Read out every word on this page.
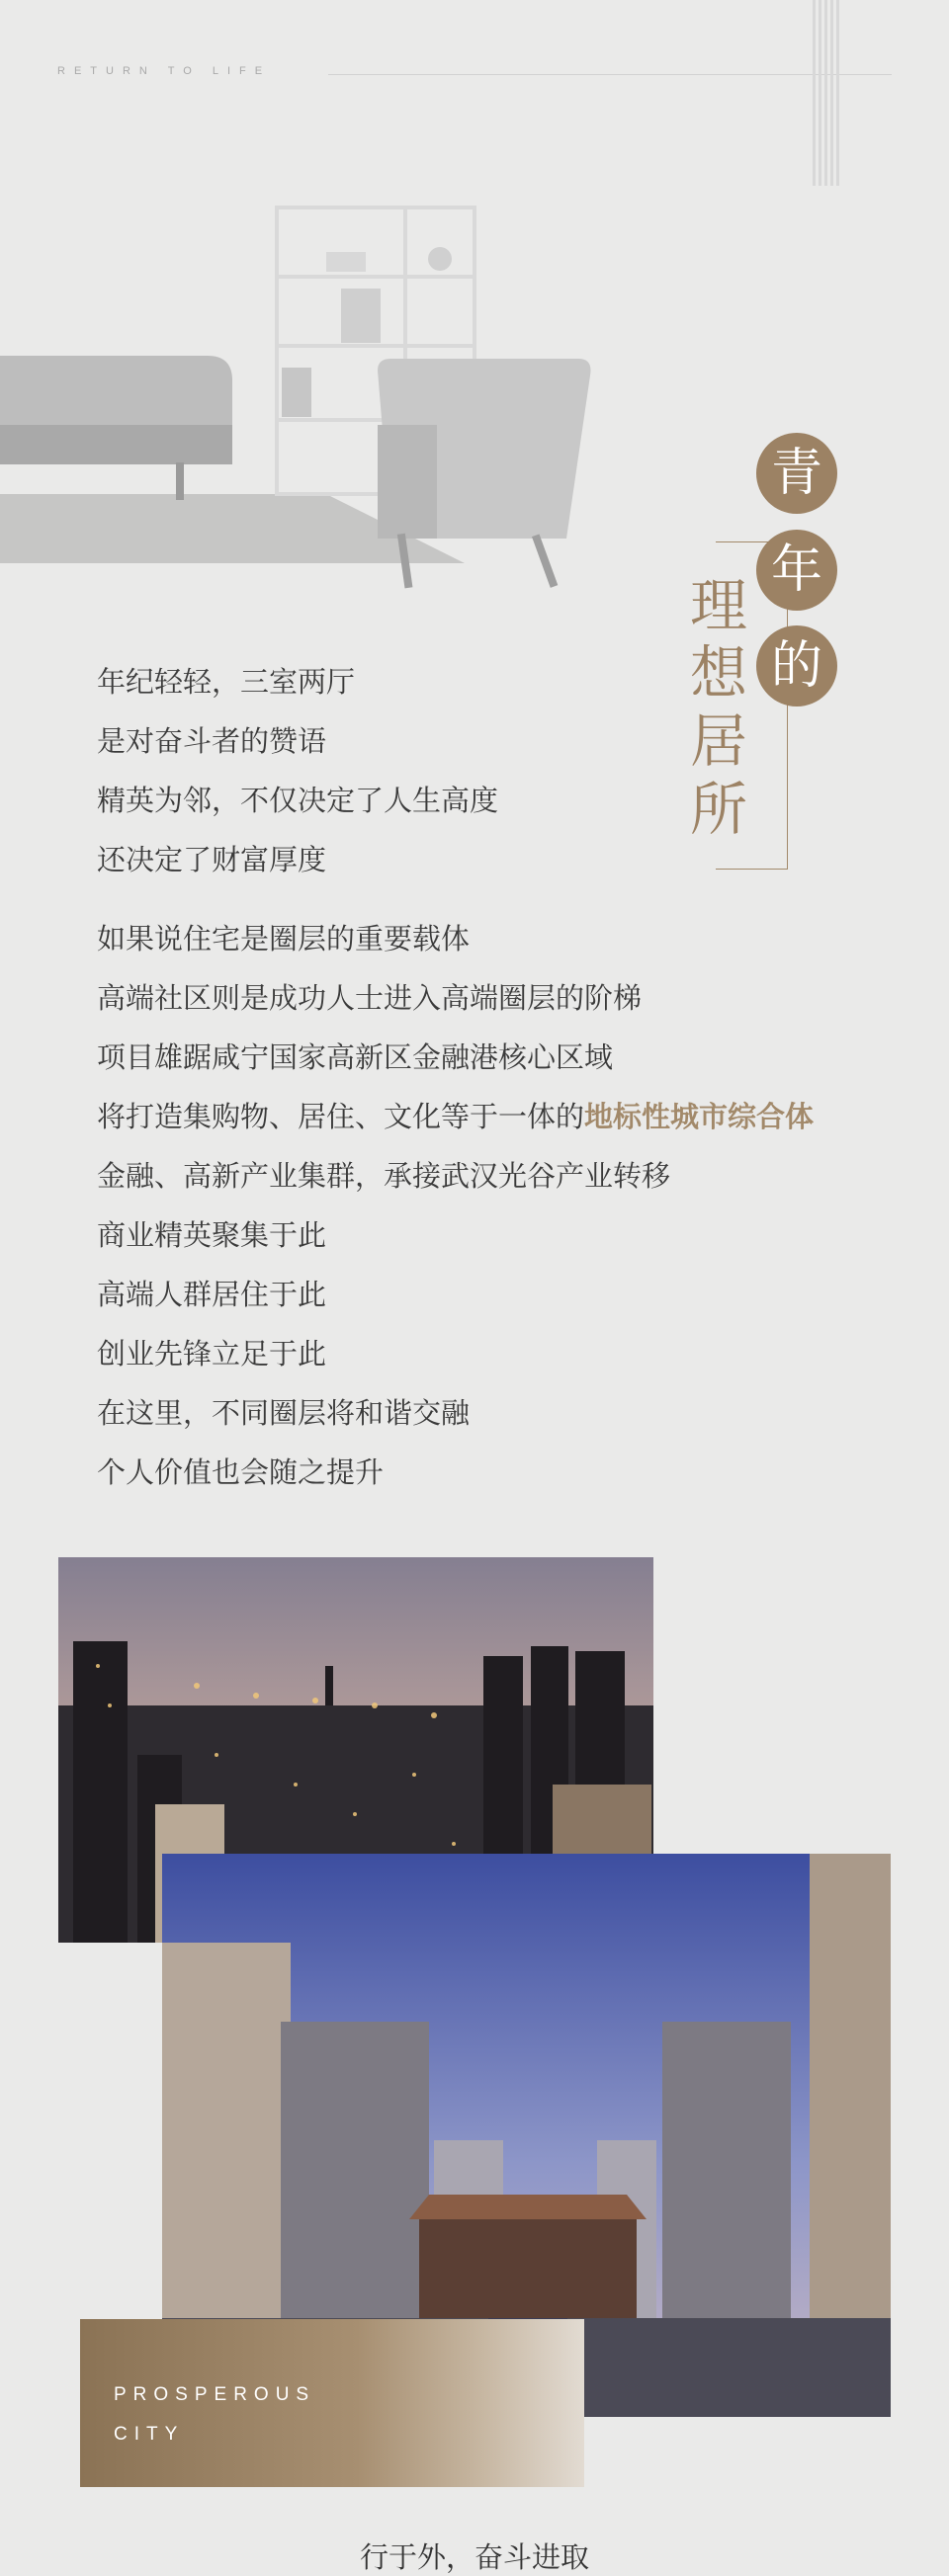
RETURN TO LIFE
青
年
的
理
想
居
所
年纪轻轻，三室两厅
是对奋斗者的赞语
精英为邻，不仅决定了人生高度
还决定了财富厚度
如果说住宅是圈层的重要载体
高端社区则是成功人士进入高端圈层的阶梯
项目雄踞咸宁国家高新区金融港核心区域
将打造集购物、居住、文化等于一体的地标性城市综合体
金融、高新产业集群，承接武汉光谷产业转移
商业精英聚集于此
高端人群居住于此
创业先锋立足于此
在这里，不同圈层将和谐交融
个人价值也会随之提升
PROSPEROUS
CITY
行于外，奋斗进取
